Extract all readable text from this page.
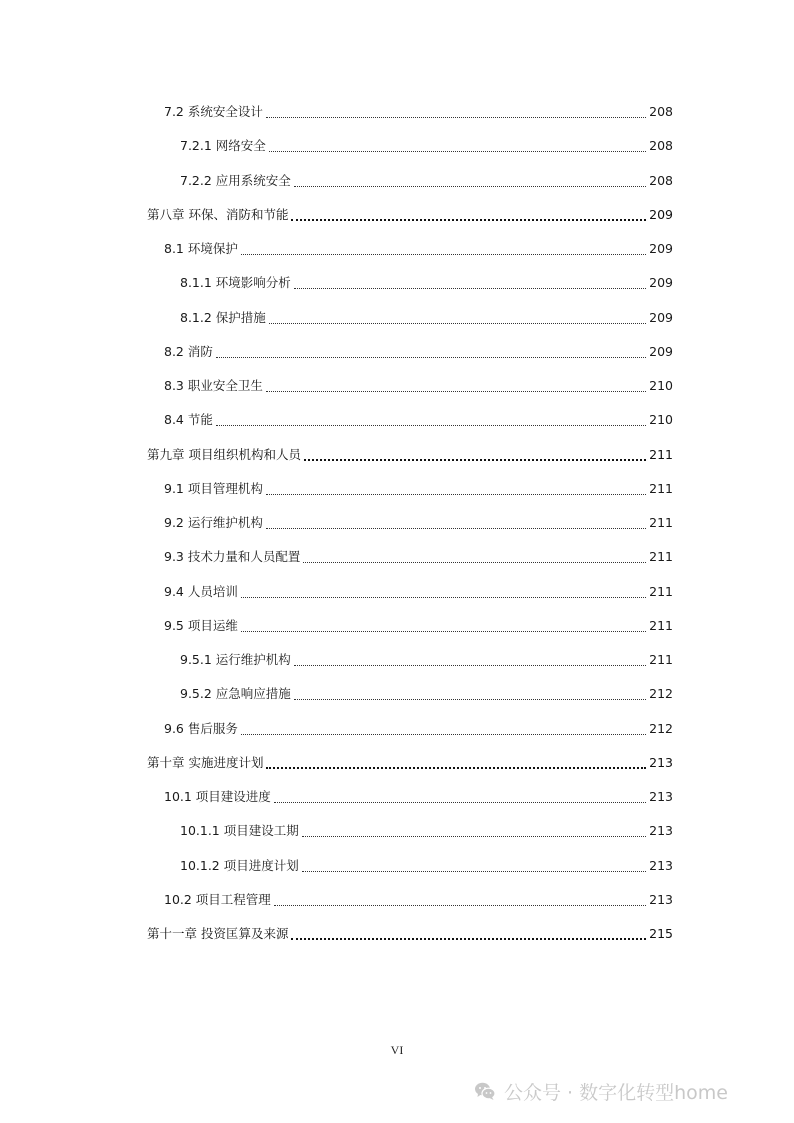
7.2 系统安全设计	208
7.2.1 网络安全	208
7.2.2 应用系统安全	208
第八章 环保、消防和节能	209
8.1 环境保护	209
8.1.1 环境影响分析	209
8.1.2 保护措施	209
8.2 消防	209
8.3 职业安全卫生	210
8.4 节能	210
第九章 项目组织机构和人员	211
9.1 项目管理机构	211
9.2 运行维护机构	211
9.3 技术力量和人员配置	211
9.4 人员培训	211
9.5 项目运维	211
9.5.1 运行维护机构	211
9.5.2 应急响应措施	212
9.6 售后服务	212
第十章 实施进度计划	213
10.1 项目建设进度	213
10.1.1 项目建设工期	213
10.1.2 项目进度计划	213
10.2 项目工程管理	213
第十一章 投资匡算及来源	215
VI
公众号 · 数字化转型home
